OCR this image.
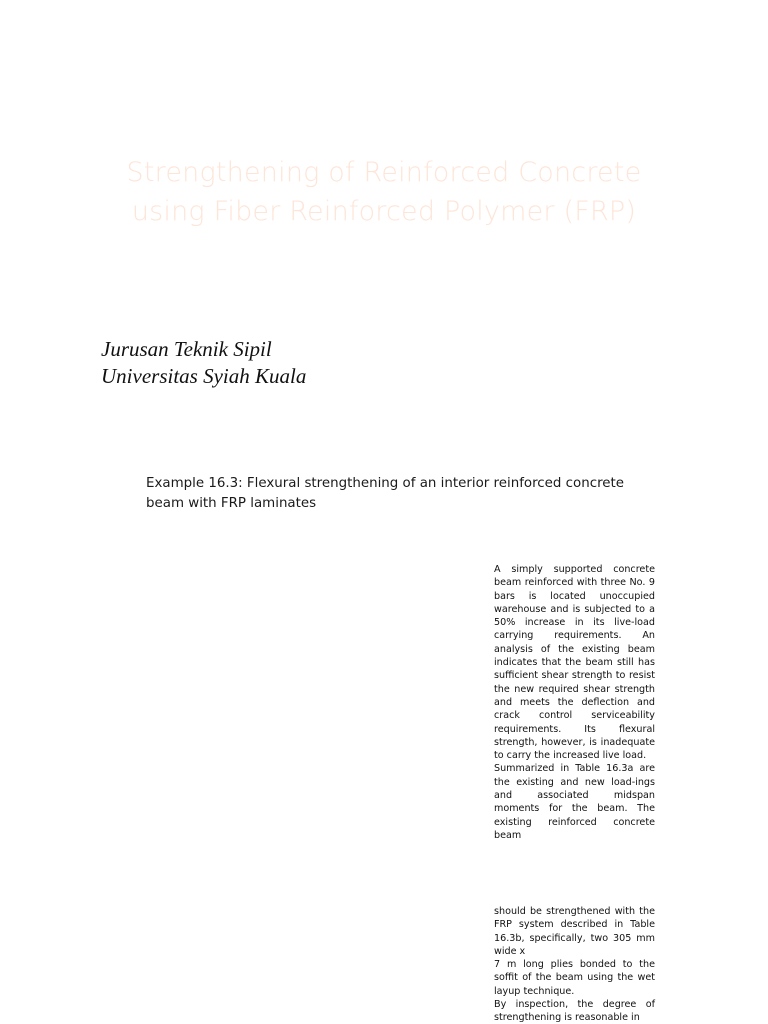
Strengthening of Reinforced Concrete
using Fiber Reinforced Polymer (FRP)
Jurusan Teknik Sipil
Universitas Syiah Kuala
Example 16.3: Flexural strengthening of an interior reinforced concrete beam with FRP laminates

A simply supported concrete beam reinforced with three No. 9 bars is located unoccupied warehouse and is subjected to a 50% increase in its live-load carrying requirements. An analysis of the existing beam indicates that the beam still has sufficient shear strength to resist the new required shear strength and meets the deflection and crack control serviceability requirements. Its flexural strength, however, is inadequate to carry the increased live load.

Summarized in Table 16.3a are the existing and new load-ings and associated midspan moments for the beam. The existing reinforced concrete beam

should be strengthened with the FRP system described in Table 16.3b, specifically, two 305 mm wide x

7 m long plies bonded to the soffit of the beam using the wet layup technique.

By inspection, the degree of strengthening is reasonable in
